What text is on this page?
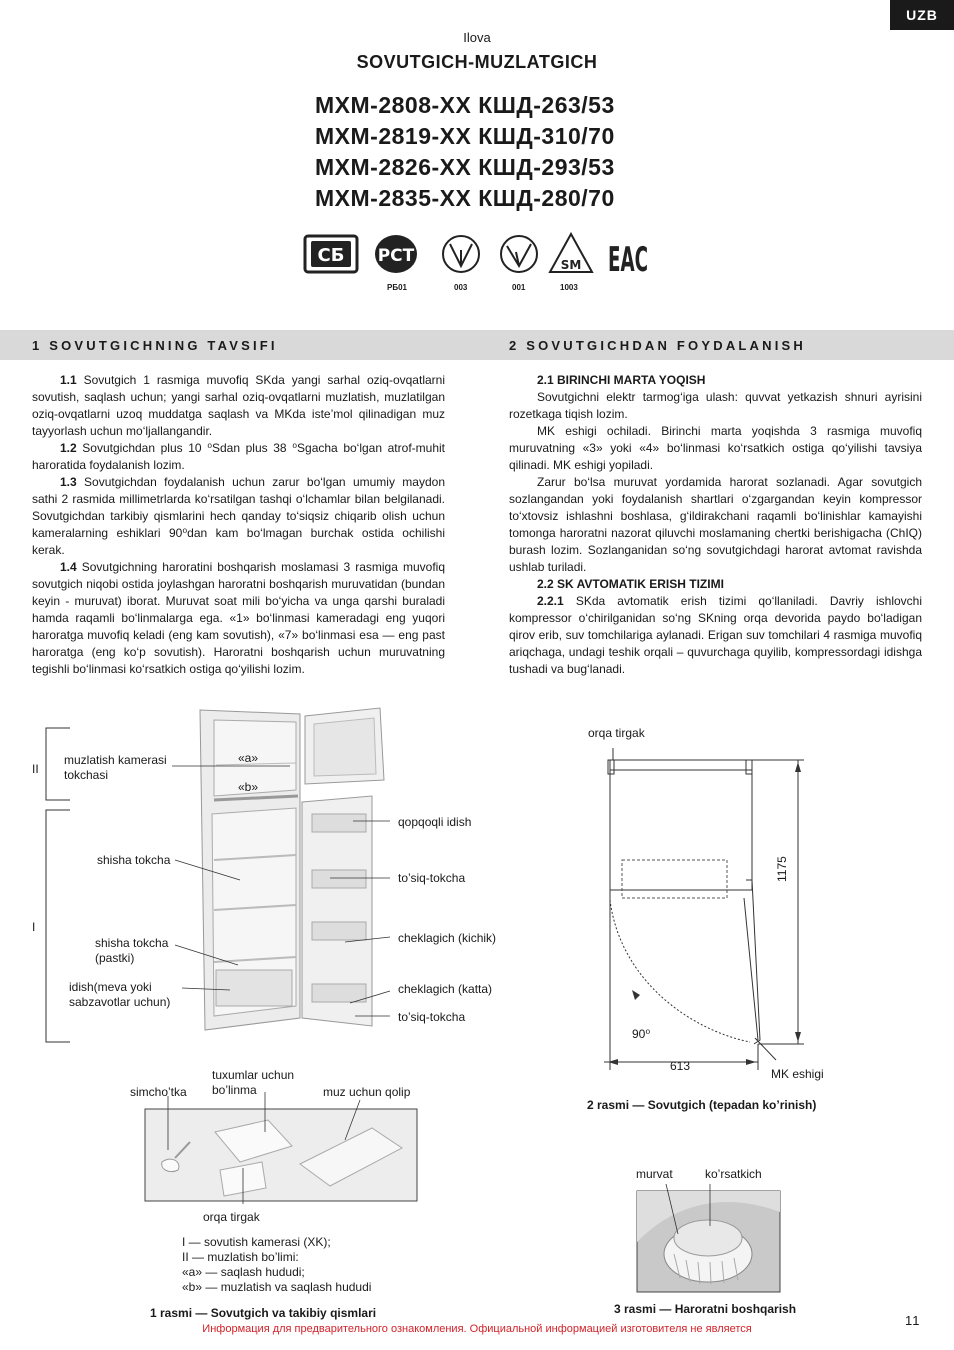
UZB
Ilova
SOVUTGICH-MUZLATGICH
МХМ-2808-ХХ КШД-263/53
МХМ-2819-ХХ КШД-310/70
МХМ-2826-ХХ КШД-293/53
МХМ-2835-ХХ КШД-280/70
СБ РСТ	SM EAC
РБ01	003	001	1003
1 SOVUTGICHNING TAVSIFI	2 SOVUTGICHDAN FOYDALANISH

1.1 Sovutgich 1 rasmiga muvofiq SKda yangi sarhal oziq-ovqatlarni sovutish, saqlash uchun; yangi sarhal oziq-ovqatlarni muzlatish, muzlatilgan oziq-ovqatlarni uzoq muddatga saqlash va MKda iste’mol qilinadigan muz tayyorlash uchun mo‘ljallangandir.

1.2 Sovutgichdan plus 10 ⁰Sdan plus 38 ⁰Sgacha bo‘lgan atrof-muhit haroratida foydalanish lozim.

1.3 Sovutgichdan foydalanish uchun zarur bo‘lgan umumiy maydon sathi 2 rasmida millimetrlarda ko‘rsatilgan tashqi o‘lchamlar bilan belgilanadi. Sovutgichdan tarkibiy qismlarini hech qanday to‘siqsiz chiqarib olish uchun kameralarning eshiklari 90⁰dan kam bo‘lmagan burchak ostida ochilishi kerak.

1.4 Sovutgichning haroratini boshqarish moslamasi 3 rasmiga muvofiq sovutgich niqobi ostida joylashgan haroratni boshqarish muruvatidan (bundan keyin - muruvat) iborat. Muruvat soat mili bo‘yicha va unga qarshi buraladi hamda raqamli bo‘linmalarga ega. «1» bo‘linmasi kameradagi eng yuqori haroratga muvofiq keladi (eng kam sovutish), «7» bo‘linmasi esa — eng past haroratga (eng ko‘p sovutish). Haroratni boshqarish uchun muruvatning tegishli bo‘linmasi ko‘rsatkich ostiga qo‘yilishi lozim.

2.1 BIRINCHI MARTA YOQISH

Sovutgichni elektr tarmog‘iga ulash: quvvat yetkazish shnuri ayrisini rozetkaga tiqish lozim.

MK eshigi ochiladi. Birinchi marta yoqishda 3 rasmiga muvofiq muruvatning «3» yoki «4» bo‘linmasi ko‘rsatkich ostiga qo‘yilishi tavsiya qilinadi. MK eshigi yopiladi.

Zarur bo‘lsa muruvat yordamida harorat sozlanadi. Agar sovutgich sozlangandan yoki foydalanish shartlari o‘zgargandan keyin kompressor to‘xtovsiz ishlashni boshlasa, g‘ildirakchani raqamli bo‘linishlar kamayishi tomonga haroratni nazorat qiluvchi moslamaning chertki berishigacha (ChIQ) burash lozim. Sozlanganidan so‘ng sovutgichdagi harorat avtomat ravishda ushlab turiladi.

2.2 SK AVTOMATIK ERISH TIZIMI

2.2.1 SKda avtomatik erish tizimi qo‘llaniladi. Davriy ishlovchi kompressor o‘chirilganidan so‘ng SKning orqa devorida paydo bo‘ladigan qirov erib, suv tomchilariga aylanadi. Erigan suv tomchilari 4 rasmiga muvofiq ariqchaga, undagi teshik orqali – quvurchaga quyilib, kompressordagi idishga tushadi va bug‘lanadi.

II
I
muzlatish kamerasi
tokchasi
«a»
«b»
qopqoqli idish
shisha tokcha
to’siq-tokcha
shisha tokcha
(pastki)
cheklagich (kichik)
idish(meva yoki
sabzavotlar uchun)
cheklagich (katta)
to’siq-tokcha
simcho’tka
tuxumlar uchun
bo’linma	muz uchun qolip
orqa tirgak
I — sovutish kamerasi (XK);
II — muzlatish bo’limi:
«a» — saqlash hududi;
«b» — muzlatish va saqlash hududi
1 rasmi — Sovutgich va takibiy qismlari
orqa tirgak
1175
613
90⁰
MK eshigi
2 rasmi — Sovutgich (tepadan ko’rinish)
murvat	ko’rsatkich
3 rasmi — Haroratni boshqarish
11
Информация для предварительного ознакомления. Официальной информацией изготовителя не является
